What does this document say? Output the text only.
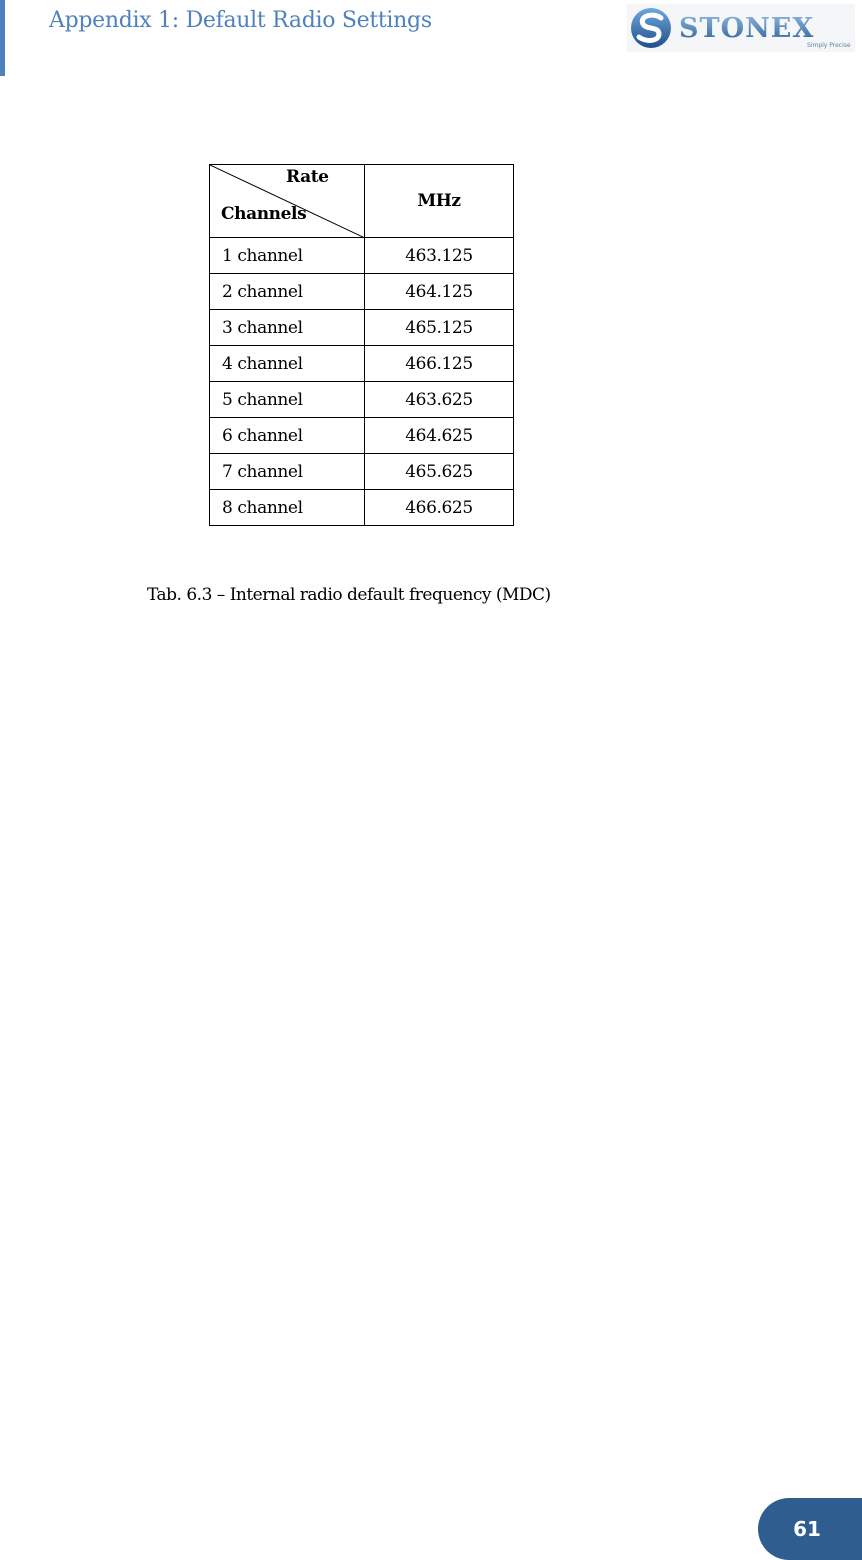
Appendix 1: Default Radio Settings	STONEX
Simply Precise
Rate
Channels	MHz
1 channel	463.125
2 channel	464.125
3 channel	465.125
4 channel	466.125
5 channel	463.625
6 channel	464.625
7 channel	465.625
8 channel	466.625
Tab. 6.3 – Internal radio default frequency (MDC)
61
